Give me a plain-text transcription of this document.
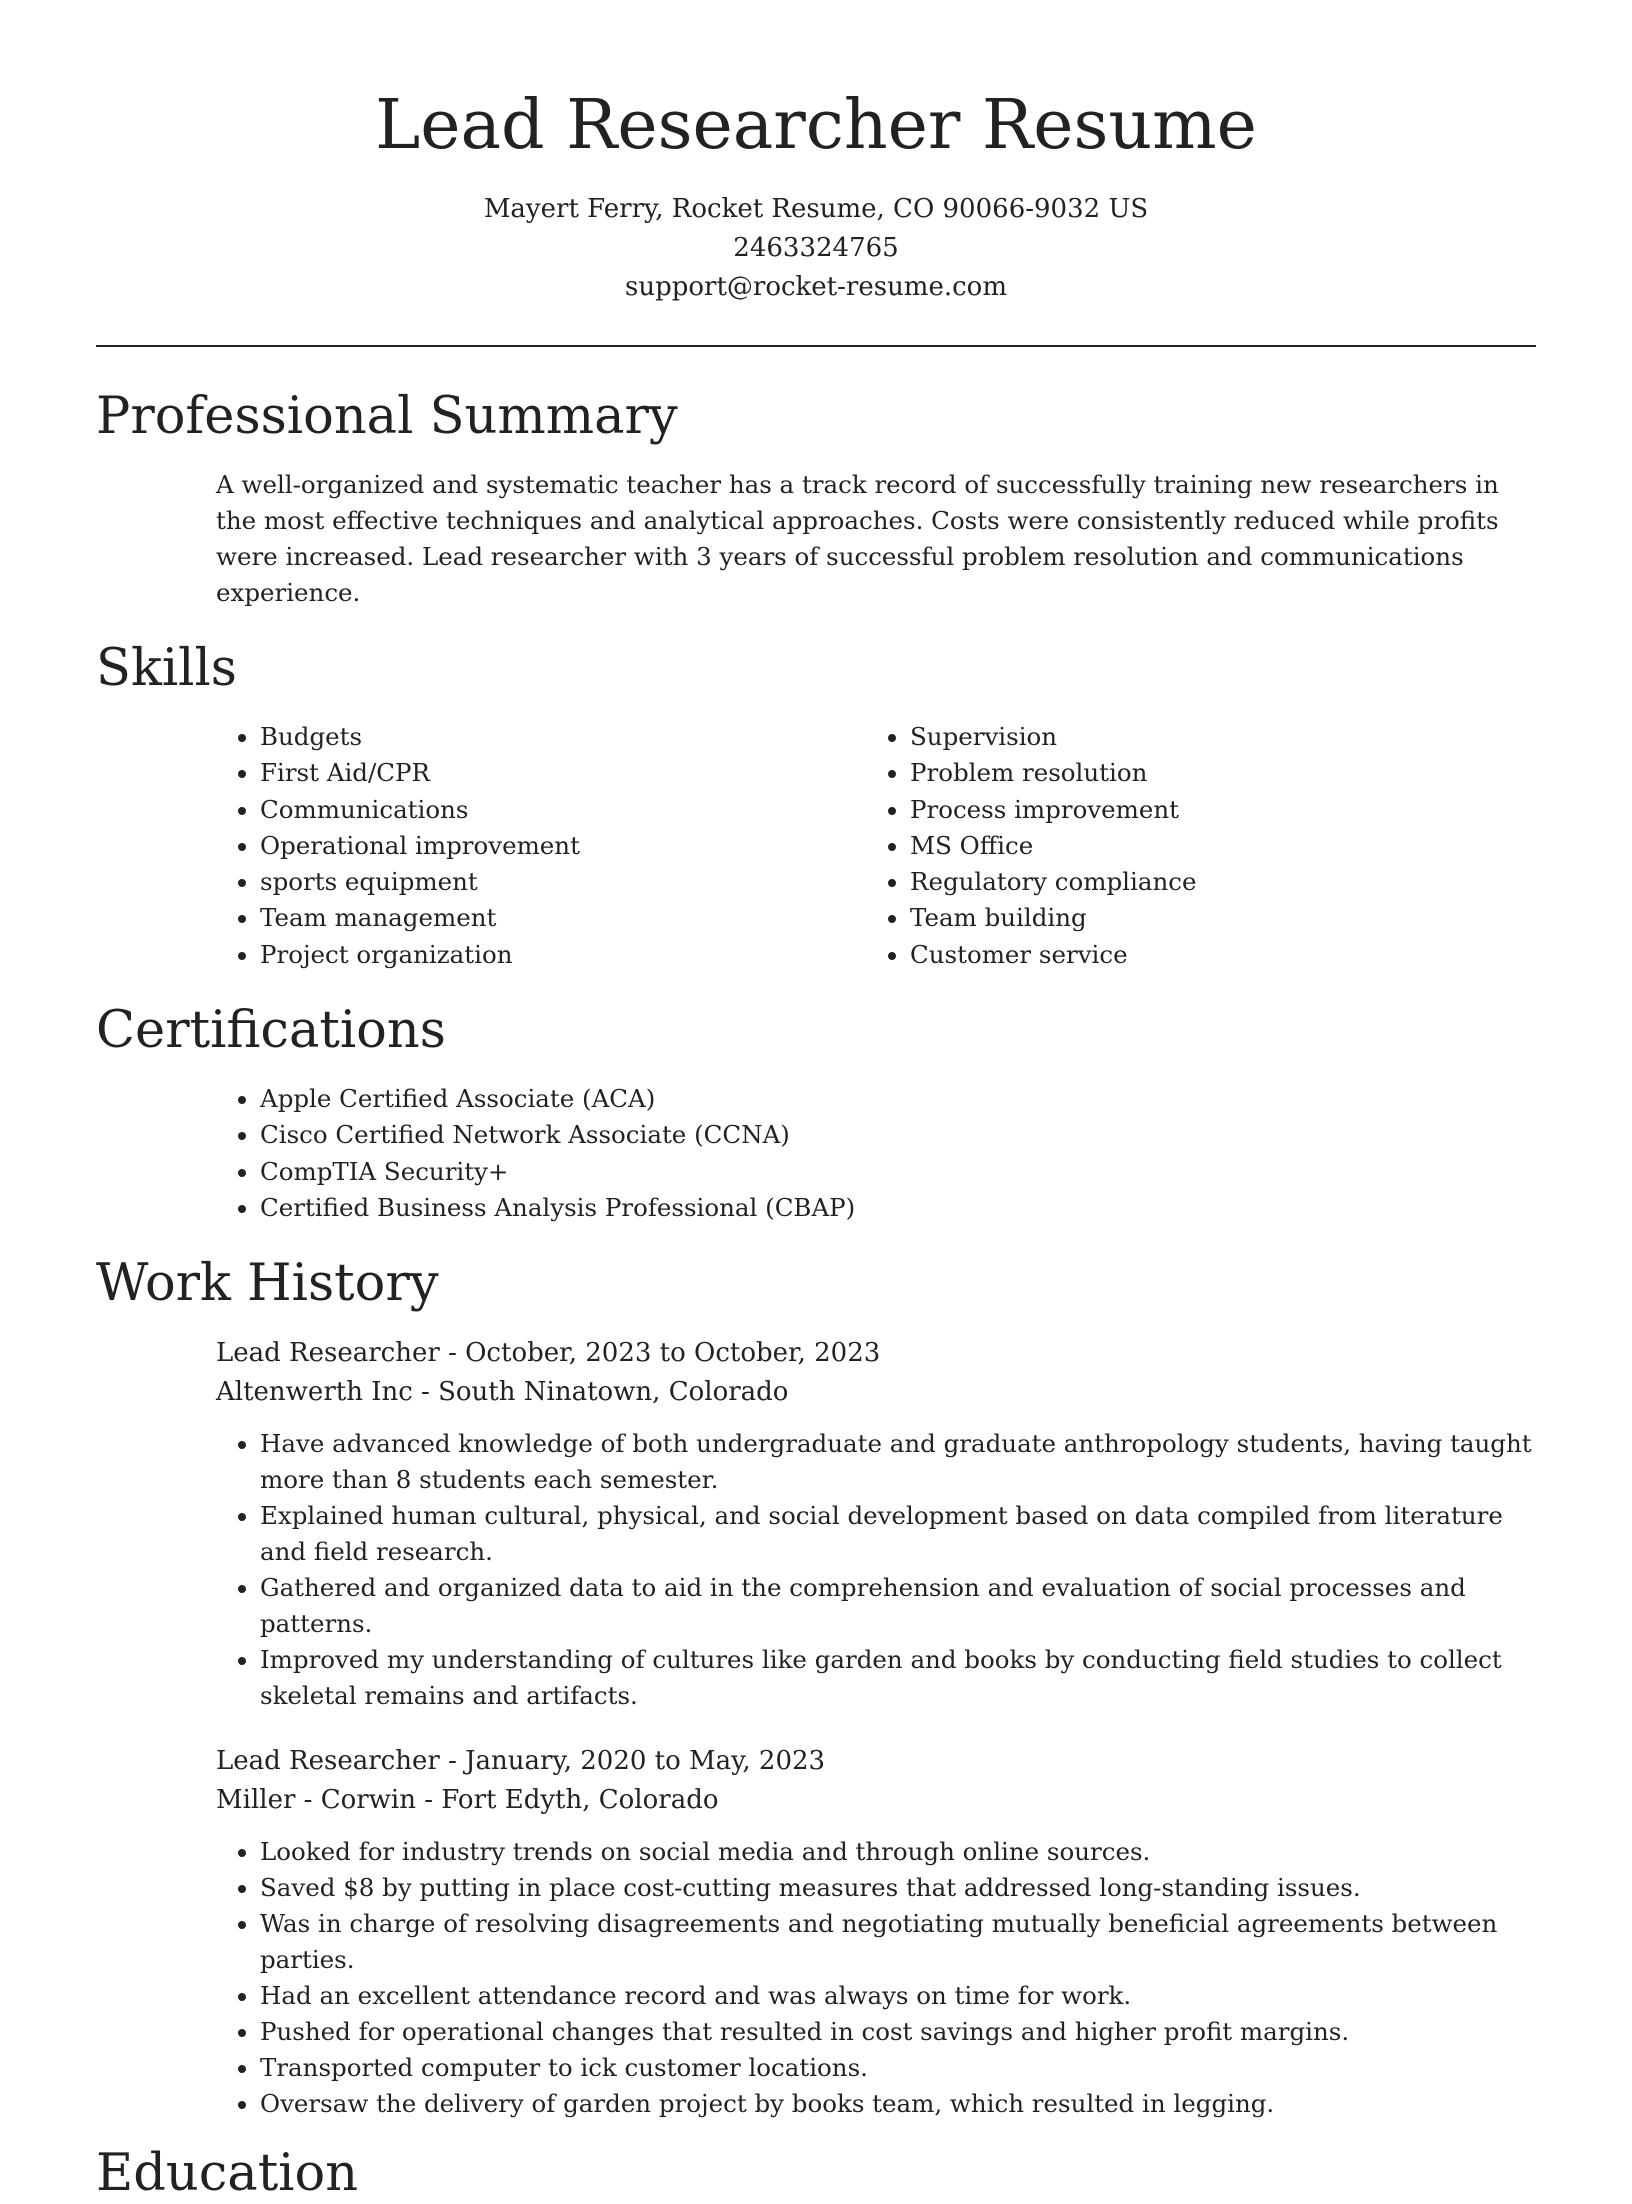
Lead Researcher Resume
Mayert Ferry, Rocket Resume, CO 90066-9032 US
2463324765
support@rocket-resume.com
Professional Summary

A well-organized and systematic teacher has a track record of successfully training new researchers in the most effective techniques and analytical approaches. Costs were consistently reduced while profits were increased. Lead researcher with 3 years of successful problem resolution and communications experience.

Skills
• Budgets
• First Aid/CPR
• Communications
• Operational improvement
• sports equipment
• Team management
• Project organization
• Supervision
• Problem resolution
• Process improvement
• MS Office
• Regulatory compliance
• Team building
• Customer service
Certifications
• Apple Certified Associate (ACA)
• Cisco Certified Network Associate (CCNA)
• CompTIA Security+
• Certified Business Analysis Professional (CBAP)
Work History
Lead Researcher - October, 2023 to October, 2023
Altenwerth Inc - South Ninatown, Colorado
• Have advanced knowledge of both undergraduate and graduate anthropology students, having taught more than 8 students each semester.
• Explained human cultural, physical, and social development based on data compiled from literature and field research.
• Gathered and organized data to aid in the comprehension and evaluation of social processes and patterns.
• Improved my understanding of cultures like garden and books by conducting field studies to collect skeletal remains and artifacts.
Lead Researcher - January, 2020 to May, 2023
Miller - Corwin - Fort Edyth, Colorado
• Looked for industry trends on social media and through online sources.
• Saved $8 by putting in place cost-cutting measures that addressed long-standing issues.
• Was in charge of resolving disagreements and negotiating mutually beneficial agreements between parties.
• Had an excellent attendance record and was always on time for work.
• Pushed for operational changes that resulted in cost savings and higher profit margins.
• Transported computer to ick customer locations.
• Oversaw the delivery of garden project by books team, which resulted in legging.
Education
